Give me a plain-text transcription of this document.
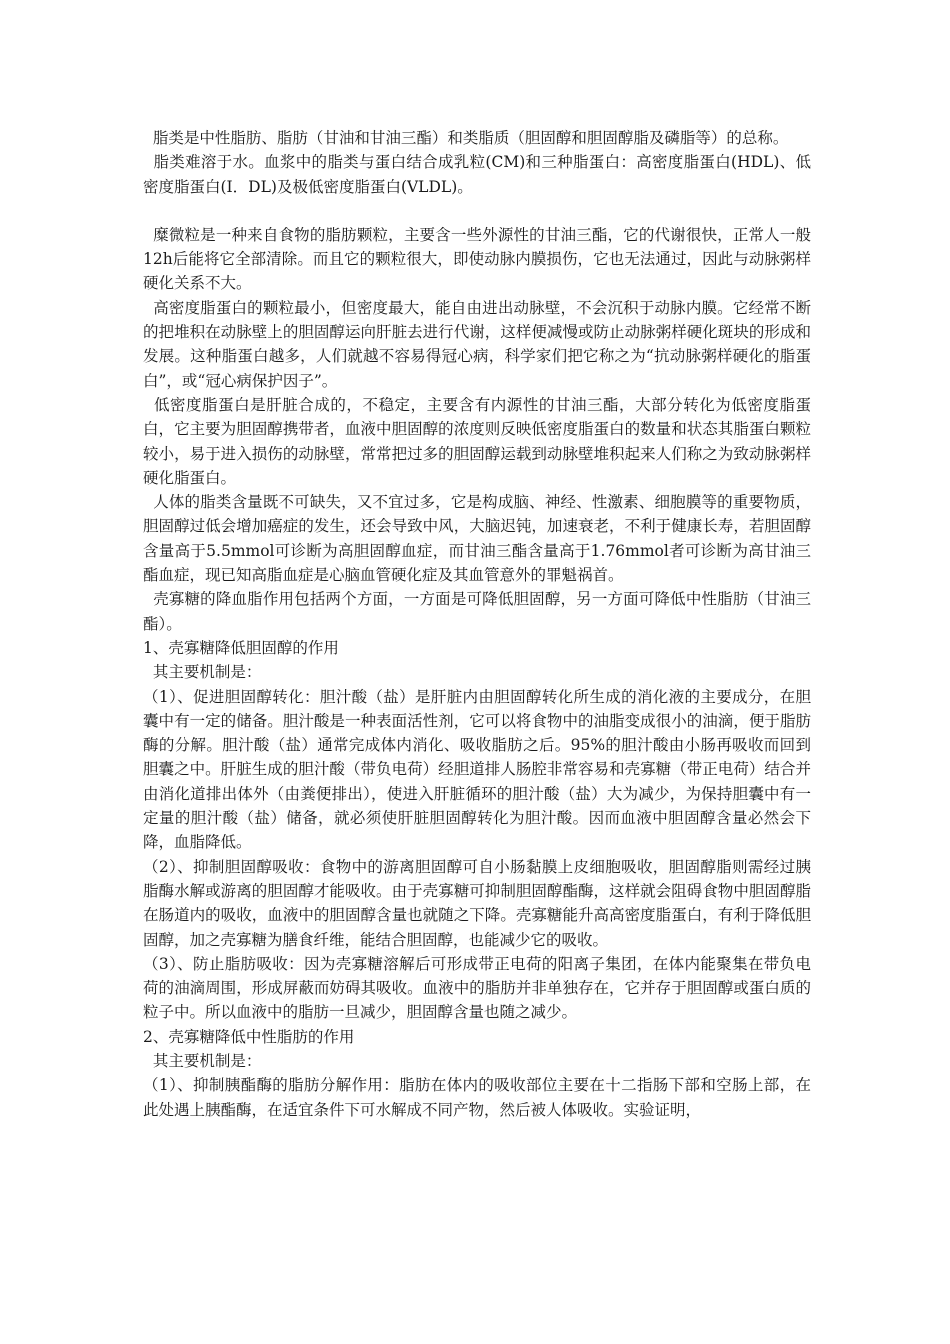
脂类是中性脂肪、脂肪（甘油和甘油三酯）和类脂质（胆固醇和胆固醇脂及磷脂等）的总称。

脂类难溶于水。血浆中的脂类与蛋白结合成乳粒(CM)和三种脂蛋白：高密度脂蛋白(HDL)、低密度脂蛋白(I．DL)及极低密度脂蛋白(VLDL)。

糜微粒是一种来自食物的脂肪颗粒，主要含一些外源性的甘油三酯，它的代谢很快，正常人一般12h后能将它全部清除。而且它的颗粒很大，即使动脉内膜损伤，它也无法通过，因此与动脉粥样硬化关系不大。

高密度脂蛋白的颗粒最小，但密度最大，能自由进出动脉壁，不会沉积于动脉内膜。它经常不断的把堆积在动脉壁上的胆固醇运向肝脏去进行代谢，这样便减慢或防止动脉粥样硬化斑块的形成和发展。这种脂蛋白越多，人们就越不容易得冠心病，科学家们把它称之为“抗动脉粥样硬化的脂蛋白”，或“冠心病保护因子”。

低密度脂蛋白是肝脏合成的，不稳定，主要含有内源性的甘油三酯，大部分转化为低密度脂蛋白，它主要为胆固醇携带者，血液中胆固醇的浓度则反映低密度脂蛋白的数量和状态其脂蛋白颗粒较小，易于进入损伤的动脉壁，常常把过多的胆固醇运载到动脉壁堆积起来人们称之为致动脉粥样硬化脂蛋白。

人体的脂类含量既不可缺失，又不宜过多，它是构成脑、神经、性激素、细胞膜等的重要物质，胆固醇过低会增加癌症的发生，还会导致中风，大脑迟钝，加速衰老，不利于健康长寿，若胆固醇含量高于5.5mmol可诊断为高胆固醇血症，而甘油三酯含量高于1.76mmol者可诊断为高甘油三酯血症，现已知高脂血症是心脑血管硬化症及其血管意外的罪魁祸首。

壳寡糖的降血脂作用包括两个方面，一方面是可降低胆固醇，另一方面可降低中性脂肪（甘油三酯）。

1、壳寡糖降低胆固醇的作用

其主要机制是：

（1）、促进胆固醇转化：胆汁酸（盐）是肝脏内由胆固醇转化所生成的消化液的主要成分，在胆囊中有一定的储备。胆汁酸是一种表面活性剂，它可以将食物中的油脂变成很小的油滴，便于脂肪酶的分解。胆汁酸（盐）通常完成体内消化、吸收脂肪之后。95%的胆汁酸由小肠再吸收而回到胆囊之中。肝脏生成的胆汁酸（带负电荷）经胆道排人肠腔非常容易和壳寡糖（带正电荷）结合并由消化道排出体外（由粪便排出），使进入肝脏循环的胆汁酸（盐）大为减少，为保持胆囊中有一定量的胆汁酸（盐）储备，就必须使肝脏胆固醇转化为胆汁酸。因而血液中胆固醇含量必然会下降，血脂降低。

（2）、抑制胆固醇吸收：食物中的游离胆固醇可自小肠黏膜上皮细胞吸收，胆固醇脂则需经过胰脂酶水解或游离的胆固醇才能吸收。由于壳寡糖可抑制胆固醇酯酶，这样就会阻碍食物中胆固醇脂在肠道内的吸收，血液中的胆固醇含量也就随之下降。壳寡糖能升高高密度脂蛋白，有利于降低胆固醇，加之壳寡糖为膳食纤维，能结合胆固醇，也能减少它的吸收。

（3）、防止脂肪吸收：因为壳寡糖溶解后可形成带正电荷的阳离子集团，在体内能聚集在带负电荷的油滴周围，形成屏蔽而妨碍其吸收。血液中的脂肪并非单独存在，它并存于胆固醇或蛋白质的粒子中。所以血液中的脂肪一旦减少，胆固醇含量也随之减少。

2、壳寡糖降低中性脂肪的作用

其主要机制是：

（1）、抑制胰酯酶的脂肪分解作用：脂肪在体内的吸收部位主要在十二指肠下部和空肠上部，在此处遇上胰酯酶，在适宜条件下可水解成不同产物，然后被人体吸收。实验证明，
